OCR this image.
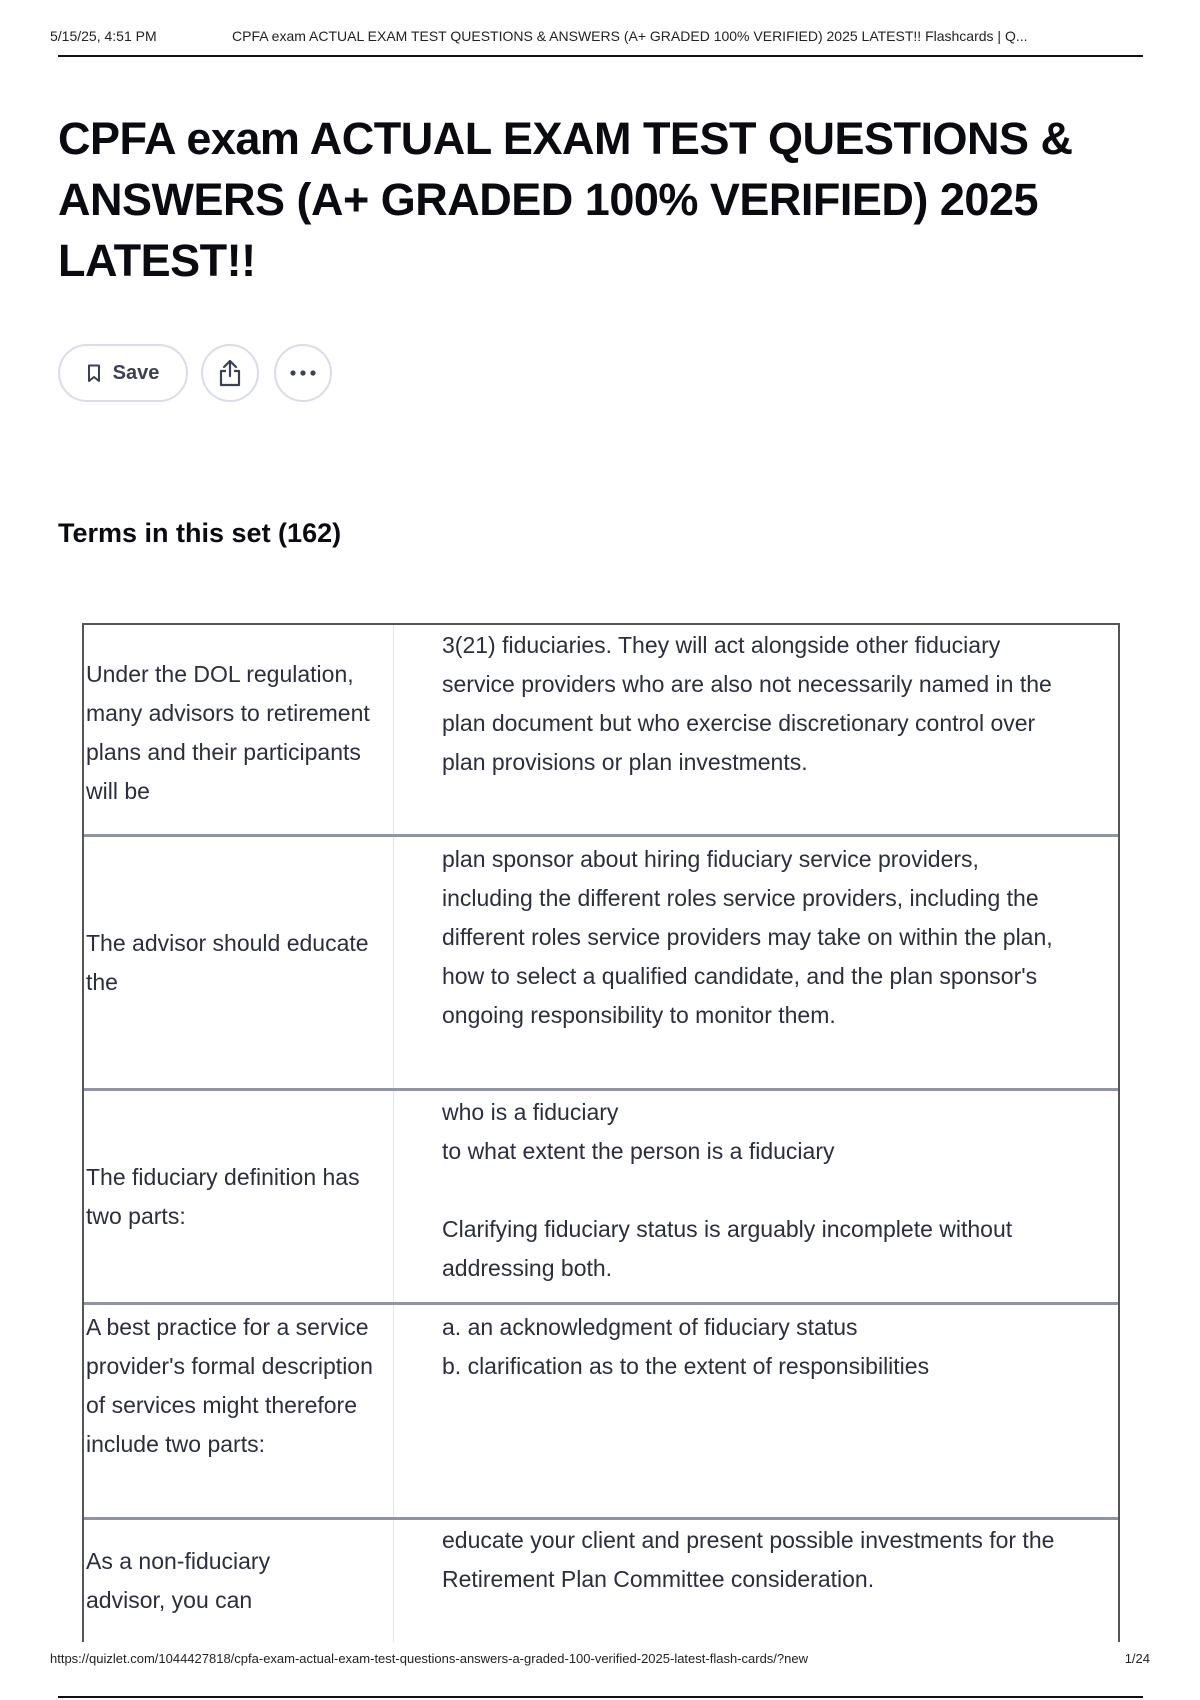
5/15/25, 4:51 PM	CPFA exam ACTUAL EXAM TEST QUESTIONS & ANSWERS (A+ GRADED 100% VERIFIED) 2025 LATEST!! Flashcards | Q...
CPFA exam ACTUAL EXAM TEST QUESTIONS & ANSWERS (A+ GRADED 100% VERIFIED) 2025 LATEST!!
Save
Terms in this set (162)
Under the DOL regulation, many advisors to retirement plans and their participants will be
3(21) fiduciaries. They will act alongside other fiduciary service providers who are also not necessarily named in the plan document but who exercise discretionary control over plan provisions or plan investments.
The advisor should educate the
plan sponsor about hiring fiduciary service providers, including the different roles service providers, including the different roles service providers may take on within the plan, how to select a qualified candidate, and the plan sponsor's ongoing responsibility to monitor them.
The fiduciary definition has two parts:
who is a fiduciary
to what extent the person is a fiduciary

Clarifying fiduciary status is arguably incomplete without addressing both.
A best practice for a service provider's formal description of services might therefore include two parts:
a. an acknowledgment of fiduciary status
b. clarification as to the extent of responsibilities
As a non-fiduciary advisor, you can
educate your client and present possible investments for the Retirement Plan Committee consideration.
https://quizlet.com/1044427818/cpfa-exam-actual-exam-test-questions-answers-a-graded-100-verified-2025-latest-flash-cards/?new	1/24
